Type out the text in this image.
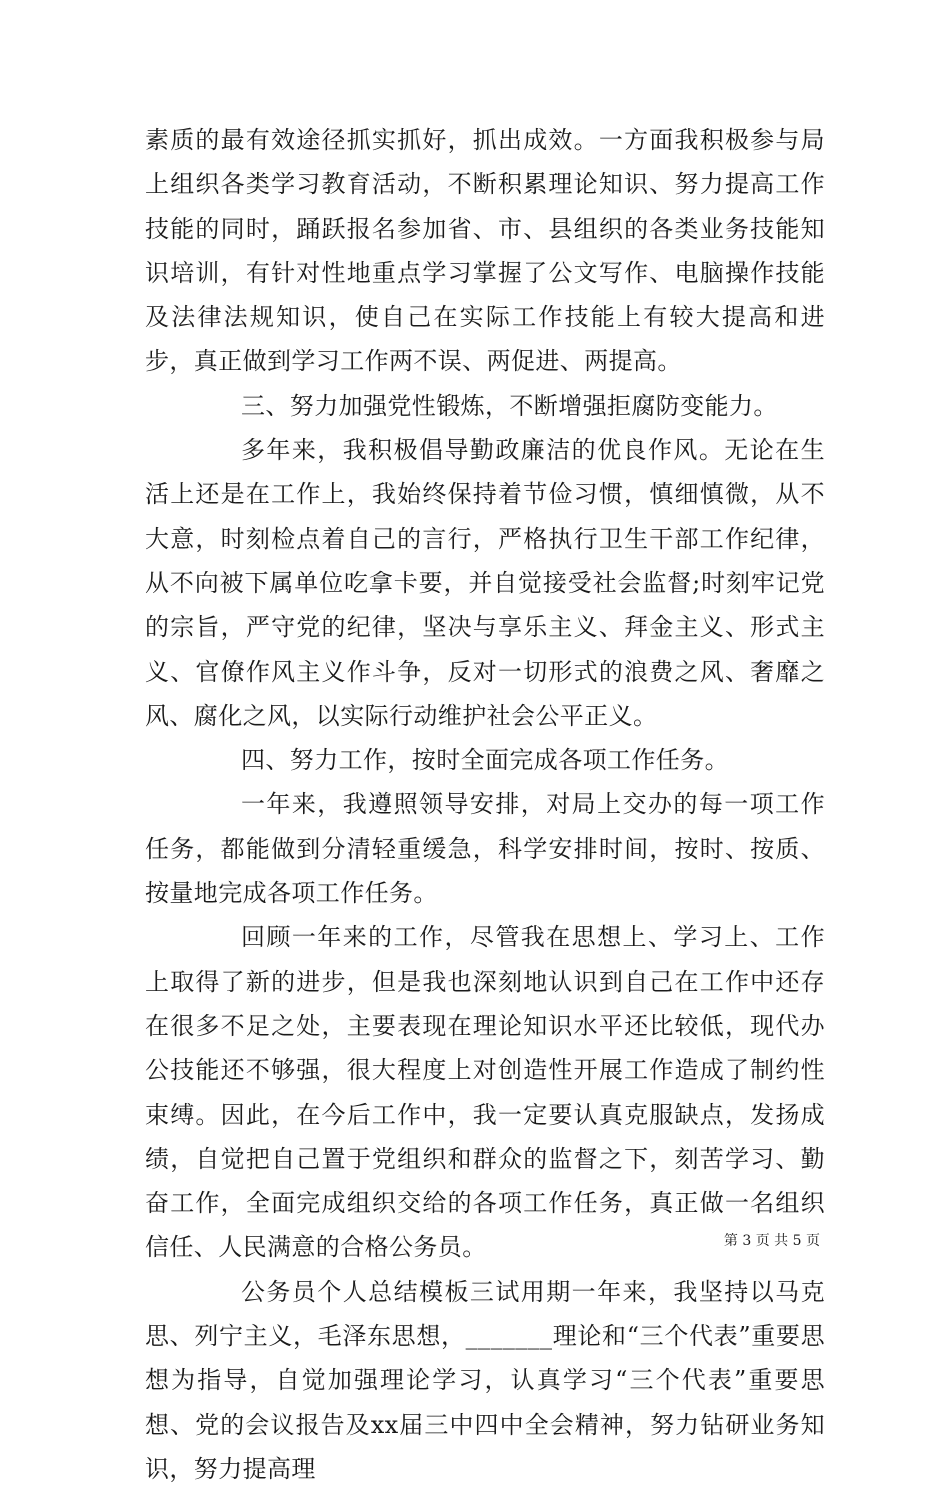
素质的最有效途径抓实抓好，抓出成效。一方面我积极参与局上组织各类学习教育活动，不断积累理论知识、努力提高工作技能的同时，踊跃报名参加省、市、县组织的各类业务技能知识培训，有针对性地重点学习掌握了公文写作、电脑操作技能及法律法规知识，使自己在实际工作技能上有较大提高和进步，真正做到学习工作两不误、两促进、两提高。

三、努力加强党性锻炼，不断增强拒腐防变能力。

多年来，我积极倡导勤政廉洁的优良作风。无论在生活上还是在工作上，我始终保持着节俭习惯，慎细慎微，从不大意，时刻检点着自己的言行，严格执行卫生干部工作纪律，从不向被下属单位吃拿卡要，并自觉接受社会监督;时刻牢记党的宗旨，严守党的纪律，坚决与享乐主义、拜金主义、形式主义、官僚作风主义作斗争，反对一切形式的浪费之风、奢靡之风、腐化之风，以实际行动维护社会公平正义。

四、努力工作，按时全面完成各项工作任务。

一年来，我遵照领导安排，对局上交办的每一项工作任务，都能做到分清轻重缓急，科学安排时间，按时、按质、按量地完成各项工作任务。

回顾一年来的工作，尽管我在思想上、学习上、工作上取得了新的进步，但是我也深刻地认识到自己在工作中还存在很多不足之处，主要表现在理论知识水平还比较低，现代办公技能还不够强，很大程度上对创造性开展工作造成了制约性束缚。因此，在今后工作中，我一定要认真克服缺点，发扬成绩，自觉把自己置于党组织和群众的监督之下，刻苦学习、勤奋工作，全面完成组织交给的各项工作任务，真正做一名组织信任、人民满意的合格公务员。

公务员个人总结模板三试用期一年来，我坚持以马克思、列宁主义，毛泽东思想，_______理论和“三个代表”重要思想为指导，自觉加强理论学习，认真学习“三个代表”重要思想、党的会议报告及xx届三中四中全会精神，努力钻研业务知识，努力提高理

第 3 页 共 5 页
